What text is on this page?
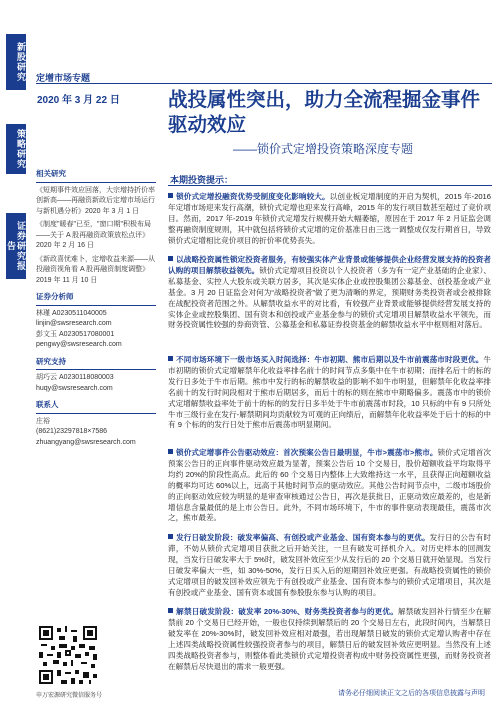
新股研究
策略研究
证券研究报告
定增市场专题
2020 年 3 月 22 日 战投属性突出，助力全流程掘金事件驱动效应
——锁价式定增投资策略深度专题
相关研究
《短期事件效应回落，大宗增持折价率创新高——再融资新政后定增市场运行与新机遇分析》2020 年 3 月 1 日
《制度"暖春"已至，"窗口期"积极布局——关于 A 股再融资政策放松点评》2020 年 2 月 16 日
《新政喜忧难卜，定增收益来源——从投融资视角看 A 股再融资制度调整》2019 年 11 月 10 日
证券分析师
林瑾 A0230511040005
linjin@swsresearch.com
彭文玉 A0230517080001
pengwy@swsresearch.com
研究支持
胡巧云 A0230118080003
huqy@swsresearch.com
联系人
庄裕
(8621)23297818×7586
zhuangyang@swsresearch.com
申万宏源研究微信服务号
本期投资提示：
锁价式定增投融资优势受制度变化影响较大。以创业板定增制度的开启为契机，2015 年-2016 年定增市场迎来发行高潮，锁价式定增也迎来发行高峰，2015 年的发行项目数甚至超过了竞价项目。然而，2017 年-2019 年锁价式定增发行规模开始大幅萎缩，原因在于 2017 年 2 月证监会调整再融资制度规则，其中就包括将锁价式定增的定价基准日由三选一调整成仅发行期首日，导致锁价式定增相比竞价项目的折价率优势丧失。
以战略投资属性锁定投资者服务，有较强实体产业背景或能够提供企业经营发展支持的投资者认购的项目解禁收益领先。锁价式定增项目投资以个人投资者（多为有一定产业基础的企业家）、私募基金、实控人大股东或关联方居多，其次是实体企业或控股集团公募基金、创投基金或产业基金。3 月 20 日证监会对何为“战略投资者”做了更为清晰的界定，预期财务类投资者或会被排除在战配投资者范围之外。从解禁收益水平的对比看，有较强产业背景或能够提供经营发展支持的实体企业或控股集团、国有资本和创投或产业基金参与的锁价式定增项目解禁收益水平领先，而财务投资属性较强的券商资管、公募基金和私募证券投资基金的解禁收益水平中枢则相对落后。
不同市场环境下一级市场买入时间选择：牛市初期、熊市后期以及牛市前震荡市时段更优。牛市初期的锁价式定增解禁年化收益率排名前十的时间节点多集中在牛市初期；而排名后十的标的发行日多处于牛市后期。熊市中发行的标的解禁收益的影响不如牛市明显，但解禁年化收益率排名前十的发行时间段相对于熊市后期居多，而后十的标的则在熊市中期略偏多。震荡市中的锁价式定增解禁收益率处于前十的标的的发行日多半处于牛市前震荡市时段，10 只标的中有 9 只所处牛市三级行业在发行-解禁期间均贡献较为可观的正向绩后，而解禁年化收益率处于后十的标的中有 9 个标的的发行日处于熊市后震荡市明显期间。
锁价式定增事件公告驱动效应：首次预案公告日最明显，牛市>震荡市>熊市。锁价式定增首次预案公告日的正向事件驱动效应最为显著，预案公告后 10 个交易日，股价超额收益平均取得平均约 20%的阶段性高点。此后的 60 个交易日内整体上大致维持这一水平，且获得正向超额收益的概率均可达 60%以上，远高于其他时间节点的驱动效应。其他公告时间节点中，二级市场股价的正向驱动效应较为明显的是审查审核通过公告日，再次是获批日，正驱动效应最差的，也是新增信息含量最低的是上市公告日。此外，不同市场环境下，牛市的事件驱动表现最佳，震荡市次之，熊市最差。
发行日破发阶段：破发率偏高、有创投或产业基金、国有资本参与的更优。发行日的公告有时滞，不妨从锁价式定增项目获批之后开始关注，一旦有破发可择机介入。对历史样本的回测发现，当发行日破发率大于 5%时，破发回补效应至少从发行后的 20 个交易日就开始显现。当发行日破发率偏大一些，如 30%-50%，发行日买入后的短期回补效应更强。有战略投资属性的锁价式定增项目的破发回补效应领先于有创投或产业基金、国有资本参与的锁价式定增项目，其次是有创投或产业基金、国有资本或国有参股股东参与认购的项目。
解禁日破发阶段：破发率 20%-30%、财务类投资者参与的更优。解禁破发回补行情至少在解禁前 20 个交易日已经开始，一般也仅持续到解禁后的 20 个交易日左右，此段时间内，当解禁日破发率在 20%-30%时，破发回补效应相对最强，若出现解禁日破发的锁价式定增认购者中存在上述四类战略投资属性较强投资者参与的项目，解禁日后的破发回补效应更明显。当然没有上述四类战略投资者参与，则整体看此类锁价式定增投资者构成中财务投资属性更强，而财务投资者在解禁后尽快退出的需求一般更强。
请务必仔细阅读正文之后的各项信息披露与声明
